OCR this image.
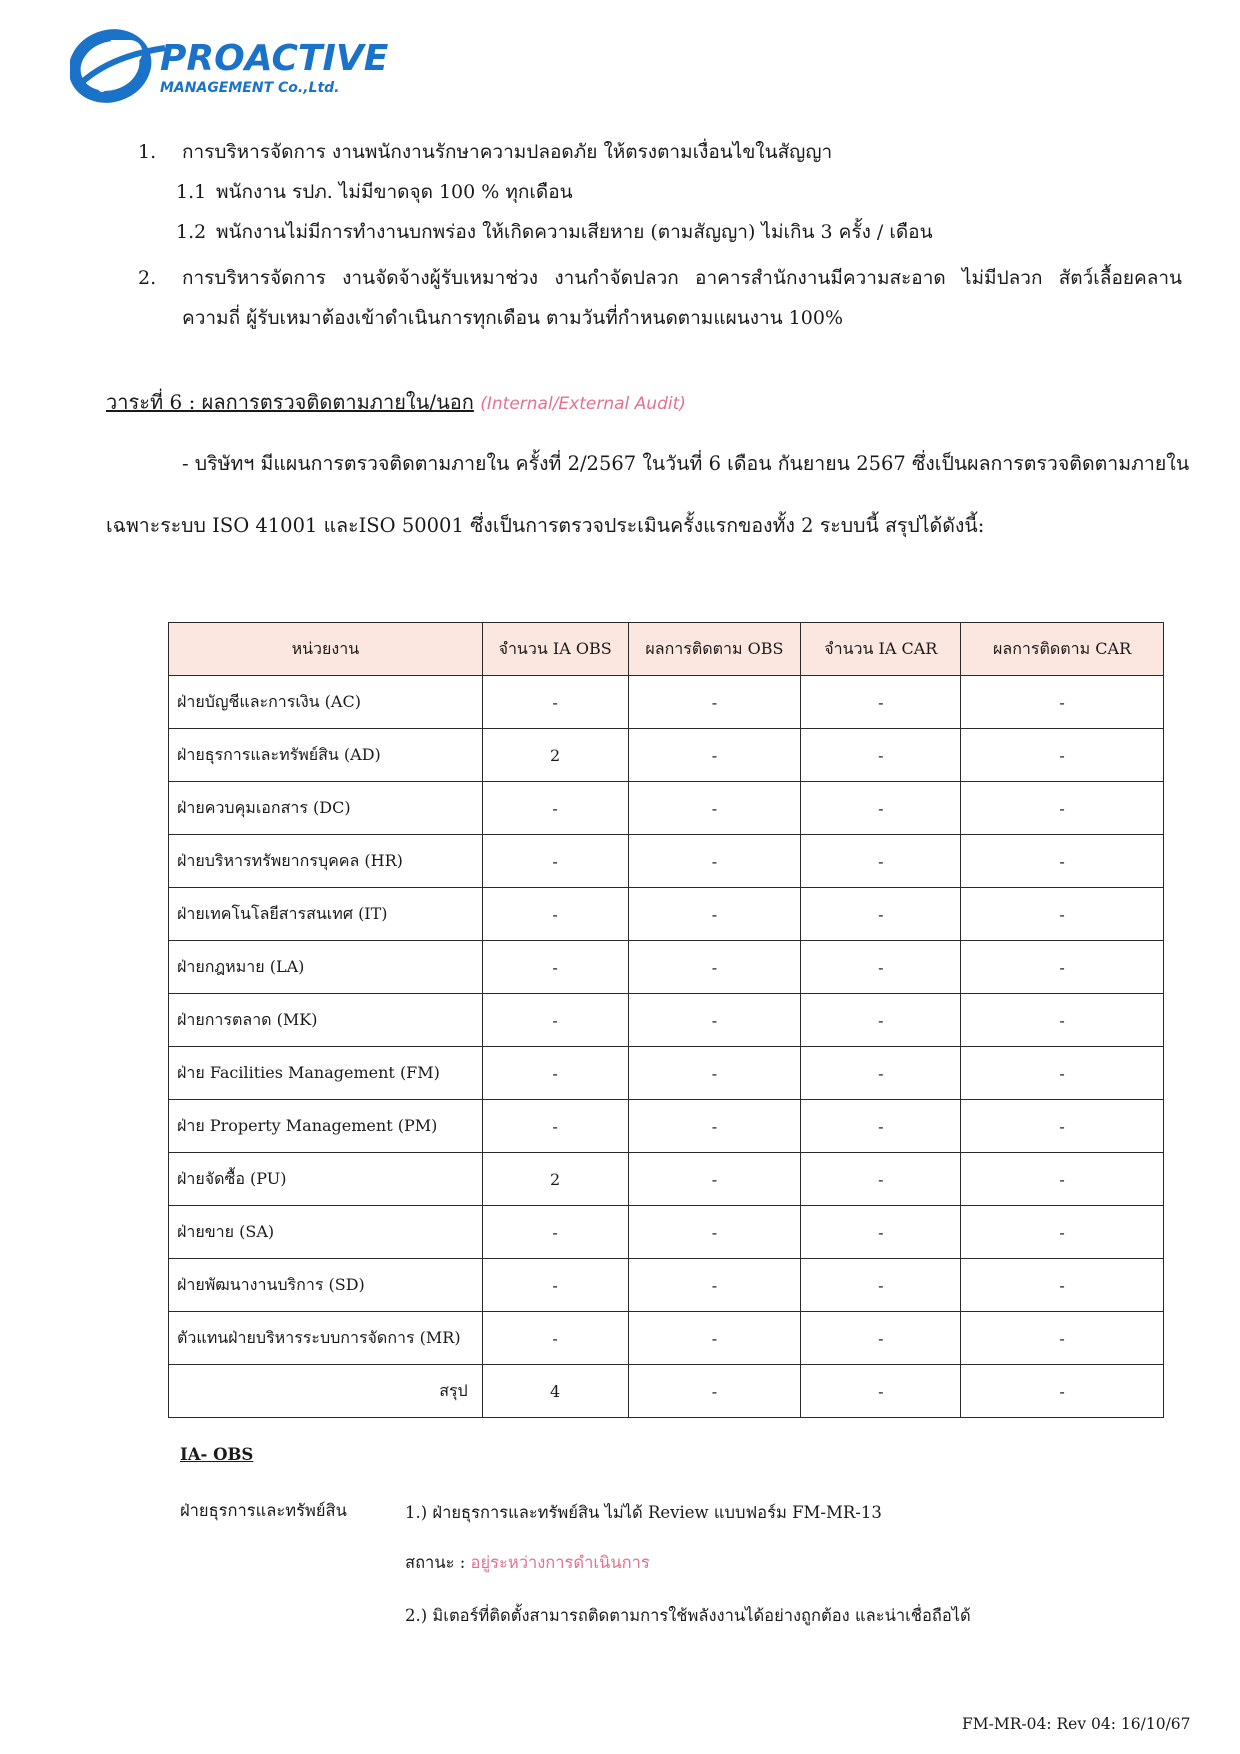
PROACTIVE
MANAGEMENT Co.,Ltd.
1. การบริหารจัดการ งานพนักงานรักษาความปลอดภัย ให้ตรงตามเงื่อนไขในสัญญา
1.1 พนักงาน รปภ. ไม่มีขาดจุด 100 % ทุกเดือน
1.2 พนักงานไม่มีการทำงานบกพร่อง ให้เกิดความเสียหาย (ตามสัญญา) ไม่เกิน 3 ครั้ง / เดือน
2. การบริหารจัดการ งานจัดจ้างผู้รับเหมาช่วง งานกำจัดปลวก อาคารสำนักงานมีความสะอาด ไม่มีปลวก สัตว์เลื้อยคลาน ความถี่ ผู้รับเหมาต้องเข้าดำเนินการทุกเดือน ตามวันที่กำหนดตามแผนงาน 100%
วาระที่ 6 : ผลการตรวจติดตามภายใน/นอก (Internal/External Audit)
- บริษัทฯ มีแผนการตรวจติดตามภายใน ครั้งที่ 2/2567 ในวันที่ 6 เดือน กันยายน 2567 ซึ่งเป็นผลการตรวจติดตามภายใน
เฉพาะระบบ ISO 41001 และISO 50001 ซึ่งเป็นการตรวจประเมินครั้งแรกของทั้ง 2 ระบบนี้ สรุปได้ดังนี้:
หน่วยงาน	จำนวน IA OBS	ผลการติดตาม OBS	จำนวน IA CAR	ผลการติดตาม CAR
ฝ่ายบัญชีและการเงิน (AC)	-	-	-	-
ฝ่ายธุรการและทรัพย์สิน (AD)	2	-	-	-
ฝ่ายควบคุมเอกสาร (DC)	-	-	-	-
ฝ่ายบริหารทรัพยากรบุคคล (HR)	-	-	-	-
ฝ่ายเทคโนโลยีสารสนเทศ (IT)	-	-	-	-
ฝ่ายกฎหมาย (LA)	-	-	-	-
ฝ่ายการตลาด (MK)	-	-	-	-
ฝ่าย Facilities Management (FM)	-	-	-	-
ฝ่าย Property Management (PM)	-	-	-	-
ฝ่ายจัดซื้อ (PU)	2	-	-	-
ฝ่ายขาย (SA)	-	-	-	-
ฝ่ายพัฒนางานบริการ (SD)	-	-	-	-
ตัวแทนฝ่ายบริหารระบบการจัดการ (MR)	-	-	-	-
สรุป	4	-	-	-
IA- OBS
ฝ่ายธุรการและทรัพย์สิน	1.) ฝ่ายธุรการและทรัพย์สิน ไม่ได้ Review แบบฟอร์ม FM-MR-13
สถานะ : อยู่ระหว่างการดำเนินการ
2.) มิเตอร์ที่ติดตั้งสามารถติดตามการใช้พลังงานได้อย่างถูกต้อง และน่าเชื่อถือได้
FM-MR-04: Rev 04: 16/10/67
